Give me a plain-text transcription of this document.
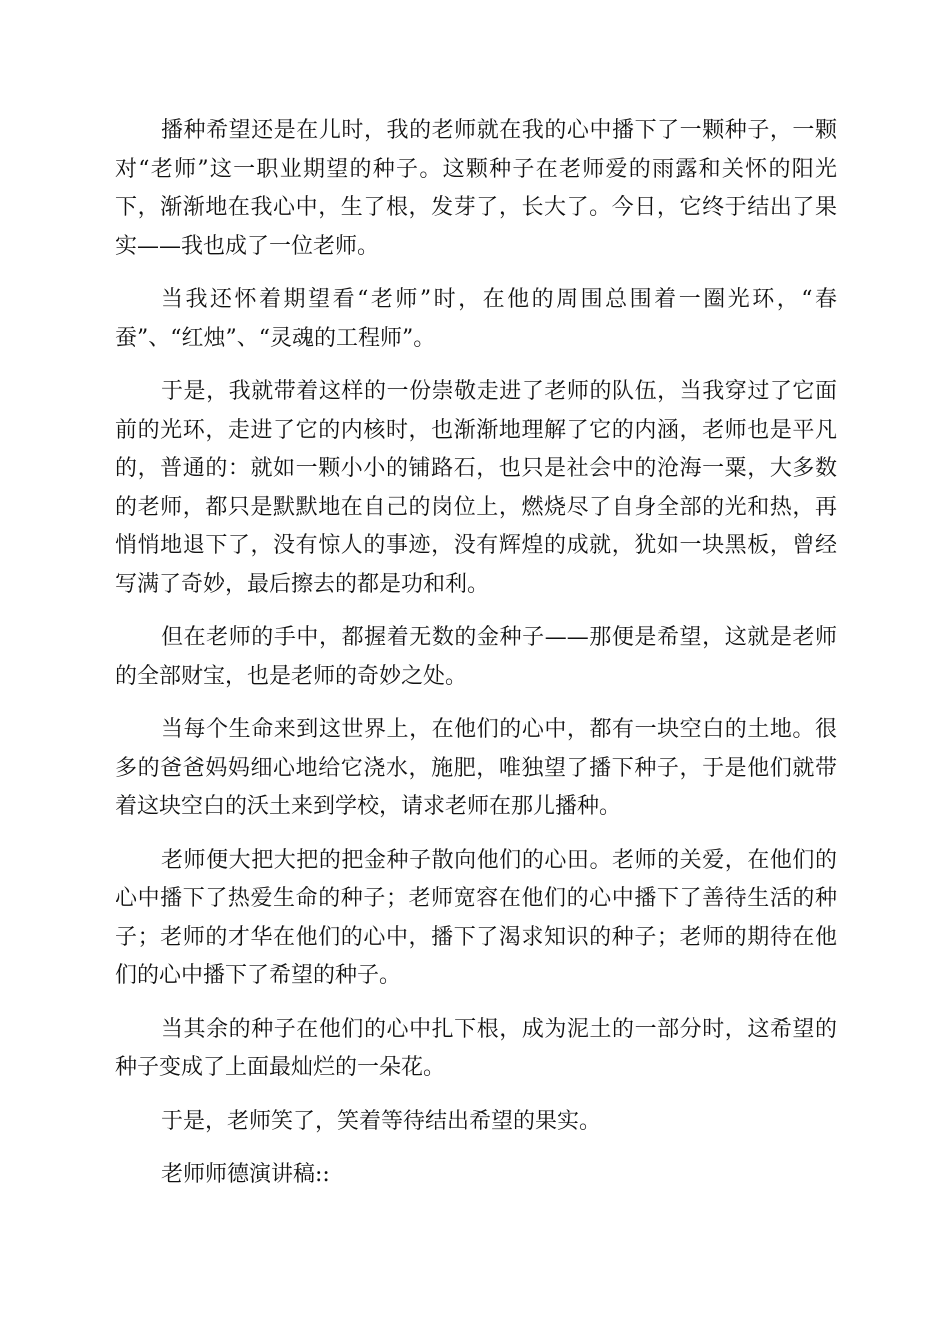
播种希望还是在儿时，我的老师就在我的心中播下了一颗种子，一颗对“老师”这一职业期望的种子。这颗种子在老师爱的雨露和关怀的阳光下，渐渐地在我心中，生了根，发芽了，长大了。今日，它终于结出了果实——我也成了一位老师。

当我还怀着期望看“老师”时，在他的周围总围着一圈光环，“春蚕”、“红烛”、“灵魂的工程师”。

于是，我就带着这样的一份崇敬走进了老师的队伍，当我穿过了它面前的光环，走进了它的内核时，也渐渐地理解了它的内涵，老师也是平凡的，普通的：就如一颗小小的铺路石，也只是社会中的沧海一粟，大多数的老师，都只是默默地在自己的岗位上，燃烧尽了自身全部的光和热，再悄悄地退下了，没有惊人的事迹，没有辉煌的成就，犹如一块黑板，曾经写满了奇妙，最后擦去的都是功和利。

但在老师的手中，都握着无数的金种子——那便是希望，这就是老师的全部财宝，也是老师的奇妙之处。

当每个生命来到这世界上，在他们的心中，都有一块空白的土地。很多的爸爸妈妈细心地给它浇水，施肥，唯独望了播下种子，于是他们就带着这块空白的沃土来到学校，请求老师在那儿播种。

老师便大把大把的把金种子散向他们的心田。老师的关爱，在他们的心中播下了热爱生命的种子；老师宽容在他们的心中播下了善待生活的种子；老师的才华在他们的心中，播下了渴求知识的种子；老师的期待在他们的心中播下了希望的种子。

当其余的种子在他们的心中扎下根，成为泥土的一部分时，这希望的种子变成了上面最灿烂的一朵花。

于是，老师笑了，笑着等待结出希望的果实。

老师师德演讲稿::
